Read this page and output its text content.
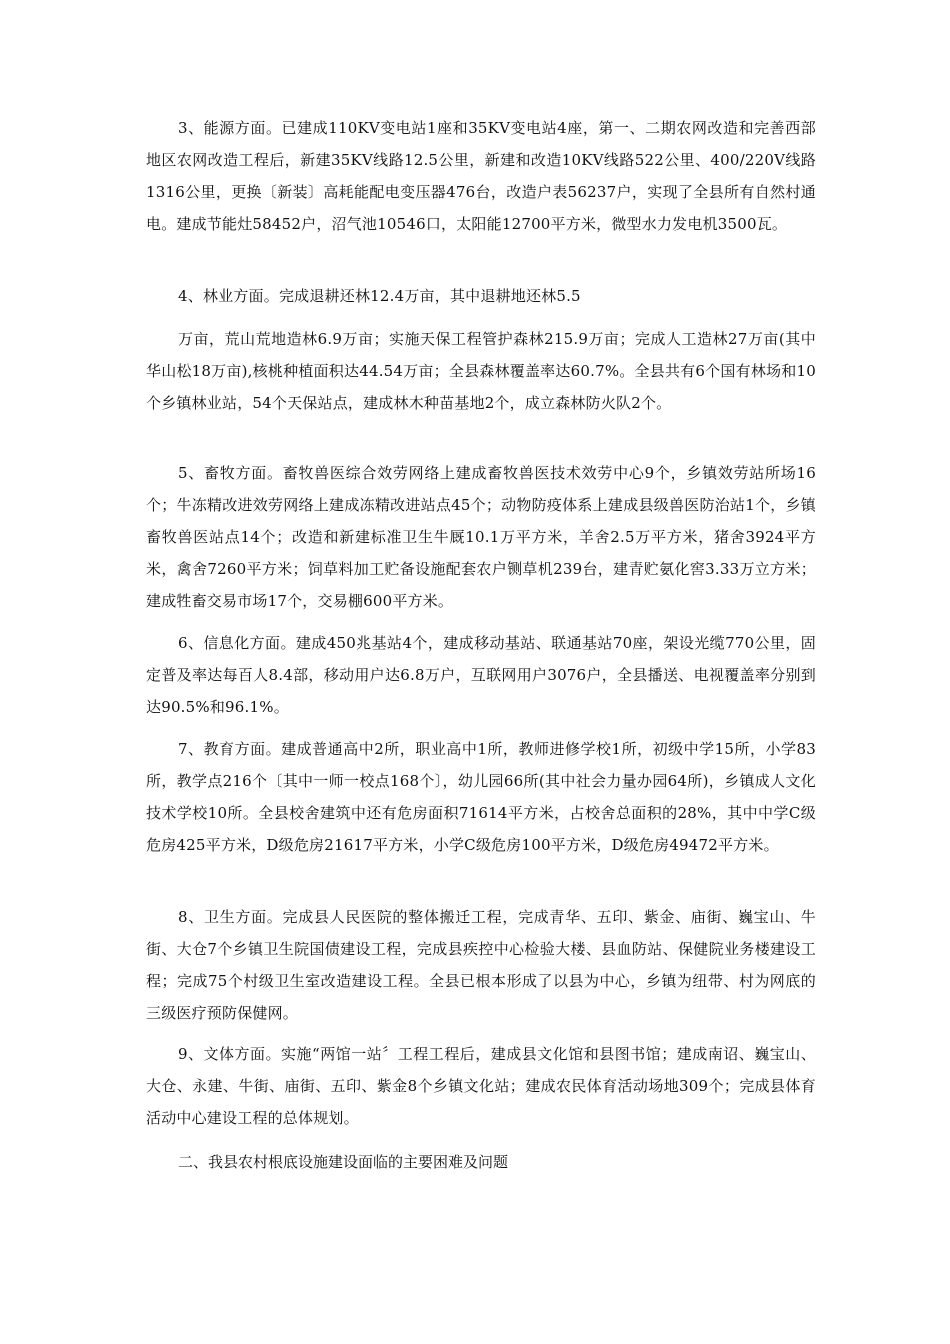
3、能源方面。已建成110KV变电站1座和35KV变电站4座，第一、二期农网改造和完善西部地区农网改造工程后，新建35KV线路12.5公里，新建和改造10KV线路522公里、400/220V线路1316公里，更换〔新装〕高耗能配电变压器476台，改造户表56237户，实现了全县所有自然村通电。建成节能灶58452户，沼气池10546口，太阳能12700平方米，微型水力发电机3500瓦。

4、林业方面。完成退耕还林12.4万亩，其中退耕地还林5.5

万亩，荒山荒地造林6.9万亩；实施天保工程管护森林215.9万亩；完成人工造林27万亩(其中华山松18万亩),核桃种植面积达44.54万亩；全县森林覆盖率达60.7%。全县共有6个国有林场和10个乡镇林业站，54个天保站点，建成林木种苗基地2个，成立森林防火队2个。

5、畜牧方面。畜牧兽医综合效劳网络上建成畜牧兽医技术效劳中心9个，乡镇效劳站所场16个；牛冻精改进效劳网络上建成冻精改进站点45个；动物防疫体系上建成县级兽医防治站1个，乡镇畜牧兽医站点14个；改造和新建标准卫生牛厩10.1万平方米，羊舍2.5万平方米，猪舍3924平方米，禽舍7260平方米；饲草料加工贮备设施配套农户铡草机239台，建青贮氨化窖3.33万立方米；建成牲畜交易市场17个，交易棚600平方米。

6、信息化方面。建成450兆基站4个，建成移动基站、联通基站70座，架设光缆770公里，固定普及率达每百人8.4部，移动用户达6.8万户，互联网用户3076户，全县播送、电视覆盖率分别到达90.5%和96.1%。

7、教育方面。建成普通高中2所，职业高中1所，教师进修学校1所，初级中学15所，小学83所，教学点216个〔其中一师一校点168个〕，幼儿园66所(其中社会力量办园64所)，乡镇成人文化技术学校10所。全县校舍建筑中还有危房面积71614平方米，占校舍总面积的28%，其中中学C级危房425平方米，D级危房21617平方米，小学C级危房100平方米，D级危房49472平方米。

8、卫生方面。完成县人民医院的整体搬迁工程，完成青华、五印、紫金、庙街、巍宝山、牛街、大仓7个乡镇卫生院国债建设工程，完成县疾控中心检验大楼、县血防站、保健院业务楼建设工程；完成75个村级卫生室改造建设工程。全县已根本形成了以县为中心，乡镇为纽带、村为网底的三级医疗预防保健网。

9、文体方面。实施“两馆一站〞工程工程后，建成县文化馆和县图书馆；建成南诏、巍宝山、大仓、永建、牛街、庙街、五印、紫金8个乡镇文化站；建成农民体育活动场地309个；完成县体育活动中心建设工程的总体规划。

二、我县农村根底设施建设面临的主要困难及问题
